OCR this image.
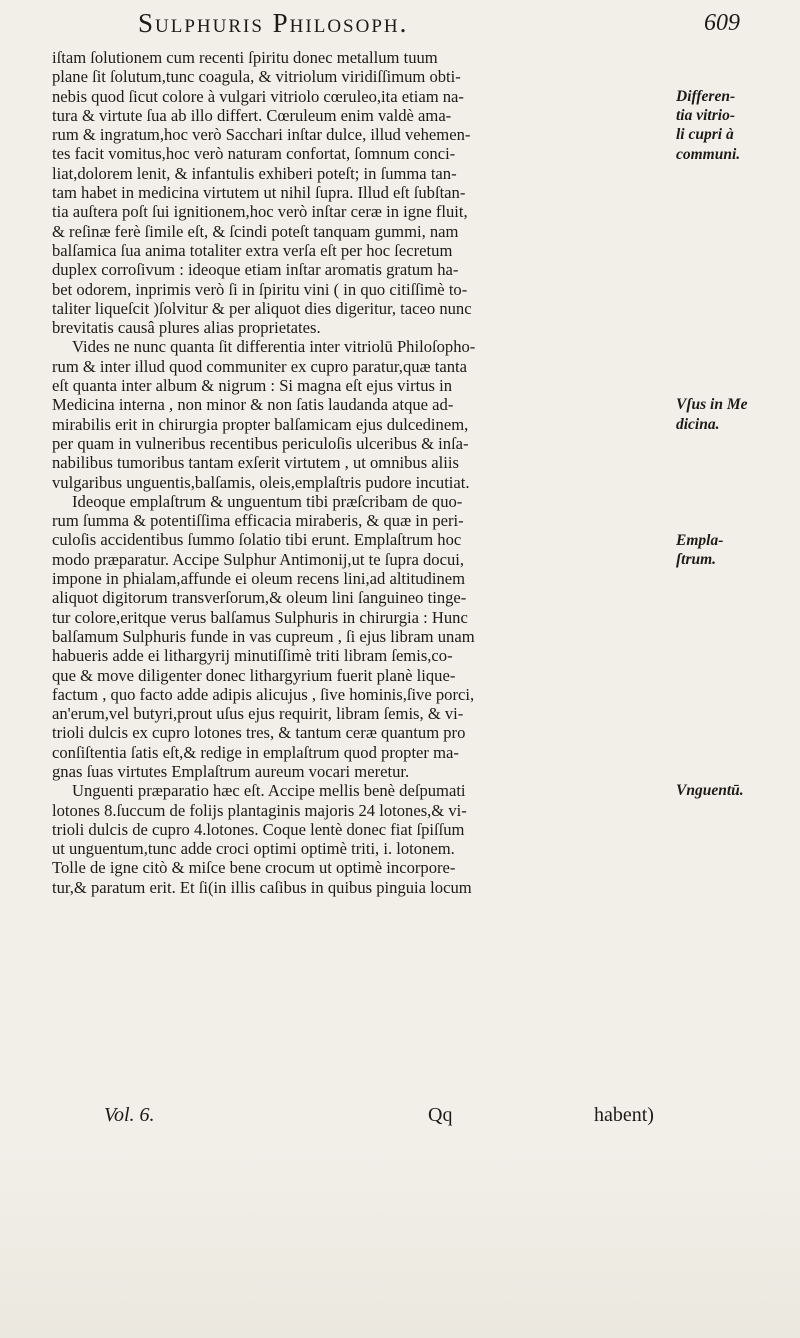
Sulphuris Philosoph.	609
iſtam ſolutionem cum recenti ſpiritu donec metallum tuum
plane ſit ſolutum,tunc coagula, & vitriolum viridiſſimum obti-
nebis quod ſicut colore à vulgari vitriolo cœruleo,ita etiam na-
tura & virtute ſua ab illo differt. Cœruleum enim valdè ama-
rum & ingratum,hoc verò Sacchari inſtar dulce, illud vehemen-
tes facit vomitus,hoc verò naturam confortat, ſomnum conci-
liat,dolorem lenit, & infantulis exhiberi poteſt; in ſumma tan-
tam habet in medicina virtutem ut nihil ſupra. Illud eſt ſubſtan-
tia auſtera poſt ſui ignitionem,hoc verò inſtar ceræ in igne fluit,
& reſinæ ferè ſimile eſt, & ſcindi poteſt tanquam gummi, nam
balſamica ſua anima totaliter extra verſa eſt per hoc ſecretum
duplex corroſivum : ideoque etiam inſtar aromatis gratum ha-
bet odorem, inprimis verò ſi in ſpiritu vini ( in quo citiſſimè to-
taliter liqueſcit )ſolvitur & per aliquot dies digeritur, taceo nunc
brevitatis causâ plures alias proprietates.
Vides ne nunc quanta ſit differentia inter vitriolū Philoſopho-
rum & inter illud quod communiter ex cupro paratur,quæ tanta
eſt quanta inter album & nigrum : Si magna eſt ejus virtus in
Medicina interna , non minor & non ſatis laudanda atque ad-
mirabilis erit in chirurgia propter balſamicam ejus dulcedinem,
per quam in vulneribus recentibus periculoſis ulceribus & inſa-
nabilibus tumoribus tantam exſerit virtutem , ut omnibus aliis
vulgaribus unguentis,balſamis, oleis,emplaſtris pudore incutiat.
Ideoque emplaſtrum & unguentum tibi præſcribam de quo-
rum ſumma & potentiſſima efficacia miraberis, & quæ in peri-
culoſis accidentibus ſummo ſolatio tibi erunt. Emplaſtrum hoc
modo præparatur. Accipe Sulphur Antimonij,ut te ſupra docui,
impone in phialam,affunde ei oleum recens lini,ad altitudinem
aliquot digitorum transverſorum,& oleum lini ſanguineo tinge-
tur colore,eritque verus balſamus Sulphuris in chirurgia : Hunc
balſamum Sulphuris funde in vas cupreum , ſi ejus libram unam
habueris adde ei lithargyrij minutiſſimè triti libram ſemis,co-
que & move diligenter donec lithargyrium fuerit planè lique-
factum , quo facto adde adipis alicujus , ſive hominis,ſive porci,
an'erum,vel butyri,prout uſus ejus requirit, libram ſemis, & vi-
trioli dulcis ex cupro lotones tres, & tantum ceræ quantum pro
conſiſtentia ſatis eſt,& redige in emplaſtrum quod propter ma-
gnas ſuas virtutes Emplaſtrum aureum vocari meretur.
Unguenti præparatio hæc eſt. Accipe mellis benè deſpumati
lotones 8.ſuccum de folijs plantaginis majoris 24 lotones,& vi-
trioli dulcis de cupro 4.lotones. Coque lentè donec fiat ſpiſſum
ut unguentum,tunc adde croci optimi optimè triti, i. lotonem.
Tolle de igne citò & miſce bene crocum ut optimè incorpore-
tur,& paratum erit. Et ſi(in illis caſibus in quibus pinguia locum
Differen-
tia vitrio-
li cupri à
communi.
Vſus in Me
dicina.
Empla-
ſtrum.
Vnguentū.
Vol. 6.	Qq	habent)
